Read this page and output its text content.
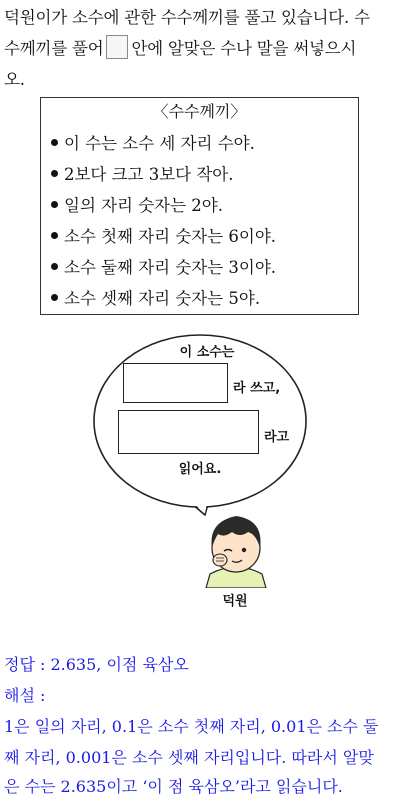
덕원이가 소수에 관한 수수께끼를 풀고 있습니다. 수
수께끼를 풀어 안에 알맞은 수나 말을 써넣으시
오.
〈수수께끼〉
이 수는 소수 세 자리 수야.
2보다 크고 3보다 작아.
일의 자리 숫자는 2야.
소수 첫째 자리 숫자는 6이야.
소수 둘째 자리 숫자는 3이야.
소수 셋째 자리 숫자는 5야.
이 소수는
라 쓰고,
라고
읽어요.
덕원
정답 : 2.635, 이점 육삼오
해설 :
1은 일의 자리, 0.1은 소수 첫째 자리, 0.01은 소수 둘
째 자리, 0.001은 소수 셋째 자리입니다. 따라서 알맞
은 수는 2.635이고 ‘이 점 육삼오’라고 읽습니다.
